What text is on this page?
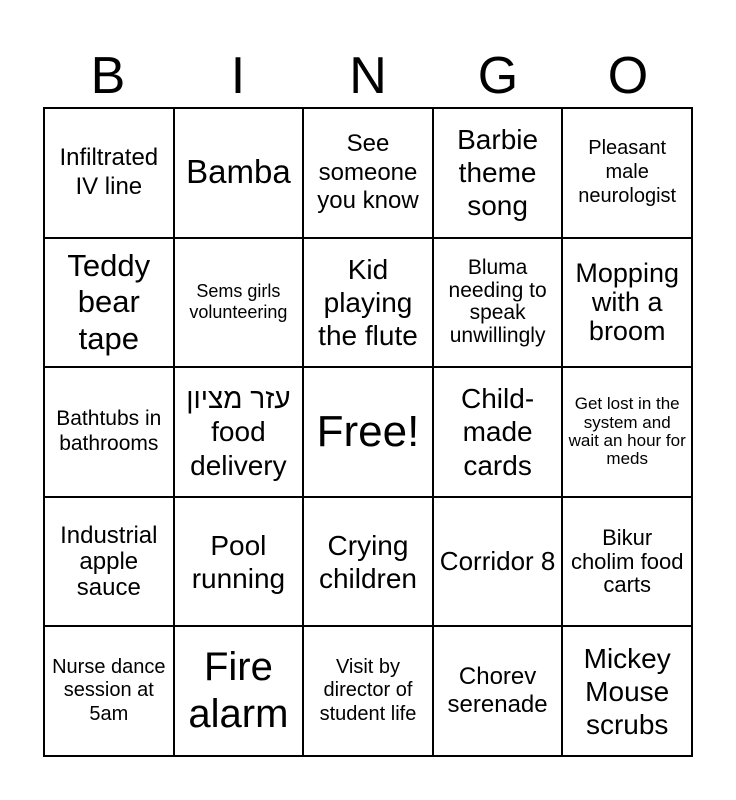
B	I	N	G	O
Infiltrated IV line	Bamba
See someone you know
Barbie theme song
Pleasant male neurologist
Teddy bear tape
Sems girls volunteering
Kid playing the flute
Bluma needing to speak unwillingly
Mopping with a broom
Bathtubs in bathrooms
עזר מציון food delivery
Free!
Child-made cards
Get lost in the system and wait an hour for meds
Industrial apple sauce
Pool running
Crying children
Corridor 8
Bikur cholim food carts
Nurse dance session at 5am
Fire alarm
Visit by director of student life
Chorev serenade
Mickey Mouse scrubs
